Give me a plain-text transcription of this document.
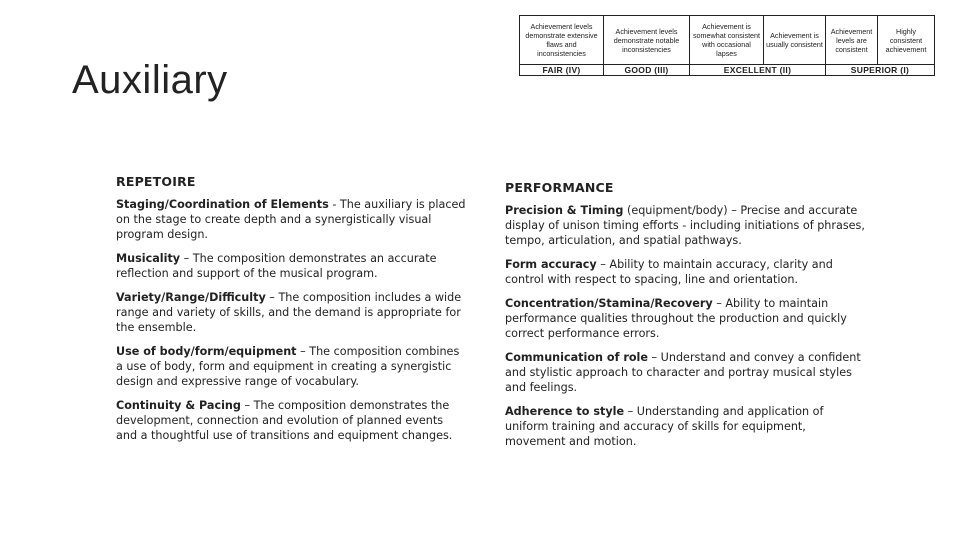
Auxiliary
Achievement levels demonstrate extensive flaws and inconsistencies	Achievement levels demonstrate notable inconsistencies	Achievement is somewhat consistent with occasional lapses	Achievement is usually consistent	Achievement levels are consistent	Highly consistent achievement
FAIR (IV)	GOOD (III)	EXCELLENT (II)		SUPERIOR (I)	
REPETOIRE
Staging/Coordination of Elements - The auxiliary is placed on the stage to create depth and a synergistically visual program design.
Musicality – The composition demonstrates an accurate reflection and support of the musical program.
Variety/Range/Difficulty – The composition includes a wide range and variety of skills, and the demand is appropriate for the ensemble.
Use of body/form/equipment – The composition combines a use of body, form and equipment in creating a synergistic design and expressive range of vocabulary.
Continuity & Pacing – The composition demonstrates the development, connection and evolution of planned events and a thoughtful use of transitions and equipment changes.
PERFORMANCE
Precision & Timing (equipment/body) – Precise and accurate display of unison timing efforts - including initiations of phrases, tempo, articulation, and spatial pathways.
Form accuracy – Ability to maintain accuracy, clarity and control with respect to spacing, line and orientation.
Concentration/Stamina/Recovery – Ability to maintain performance qualities throughout the production and quickly correct performance errors.
Communication of role – Understand and convey a confident and stylistic approach to character and portray musical styles and feelings.
Adherence to style – Understanding and application of uniform training and accuracy of skills for equipment, movement and motion.
